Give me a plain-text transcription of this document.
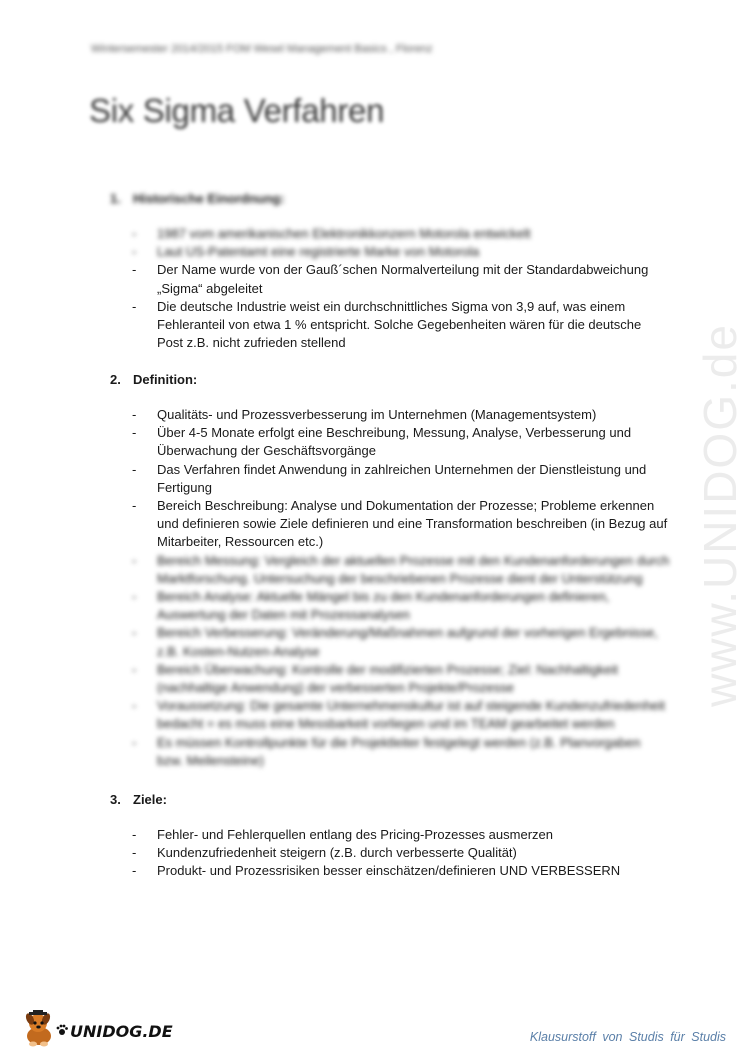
Wintersemester 2014/2015 FOM Wesel Management Basics , Florenz
Six Sigma Verfahren
www.UNIDOG.de
1. Historische Einordnung:
-	1987 vom amerikanischen Elektronikkonzern Motorola entwickelt
-	Laut US-Patentamt eine registrierte Marke von Motorola
-	Der Name wurde von der Gauß´schen Normalverteilung mit der Standardabweichung „Sigma“ abgeleitet
-	Die deutsche Industrie weist ein durchschnittliches Sigma von 3,9 auf, was einem Fehleranteil von etwa 1 % entspricht. Solche Gegebenheiten wären für die deutsche Post z.B. nicht zufrieden stellend
2. Definition:
-	Qualitäts- und Prozessverbesserung im Unternehmen (Managementsystem)
-	Über 4-5 Monate erfolgt eine Beschreibung, Messung, Analyse, Verbesserung und Überwachung der Geschäftsvorgänge
-	Das Verfahren findet Anwendung in zahlreichen Unternehmen der Dienstleistung und Fertigung
-	Bereich Beschreibung: Analyse und Dokumentation der Prozesse; Probleme erkennen und definieren sowie Ziele definieren und eine Transformation beschreiben (in Bezug auf Mitarbeiter, Ressourcen etc.)
-	Bereich Messung: Vergleich der aktuellen Prozesse mit den Kundenanforderungen durch Marktforschung. Untersuchung der beschriebenen Prozesse dient der Unterstützung
-	Bereich Analyse: Aktuelle Mängel bis zu den Kundenanforderungen definieren, Auswertung der Daten mit Prozessanalysen
-	Bereich Verbesserung: Veränderung/Maßnahmen aufgrund der vorherigen Ergebnisse, z.B. Kosten-Nutzen-Analyse
-	Bereich Überwachung: Kontrolle der modifizierten Prozesse; Ziel: Nachhaltigkeit (nachhaltige Anwendung) der verbesserten Projekte/Prozesse
-	Voraussetzung: Die gesamte Unternehmenskultur ist auf steigende Kundenzufriedenheit bedacht = es muss eine Messbarkeit vorliegen und im TEAM gearbeitet werden
-	Es müssen Kontrollpunkte für die Projektleiter festgelegt werden (z.B. Planvorgaben bzw. Meilensteine)
3. Ziele:
-	Fehler- und Fehlerquellen entlang des Pricing-Prozesses ausmerzen
-	Kundenzufriedenheit steigern (z.B. durch verbesserte Qualität)
-	Produkt- und Prozessrisiken besser einschätzen/definieren UND VERBESSERN
UNIDOG.DE	Klausurstoff von Studis für Studis
